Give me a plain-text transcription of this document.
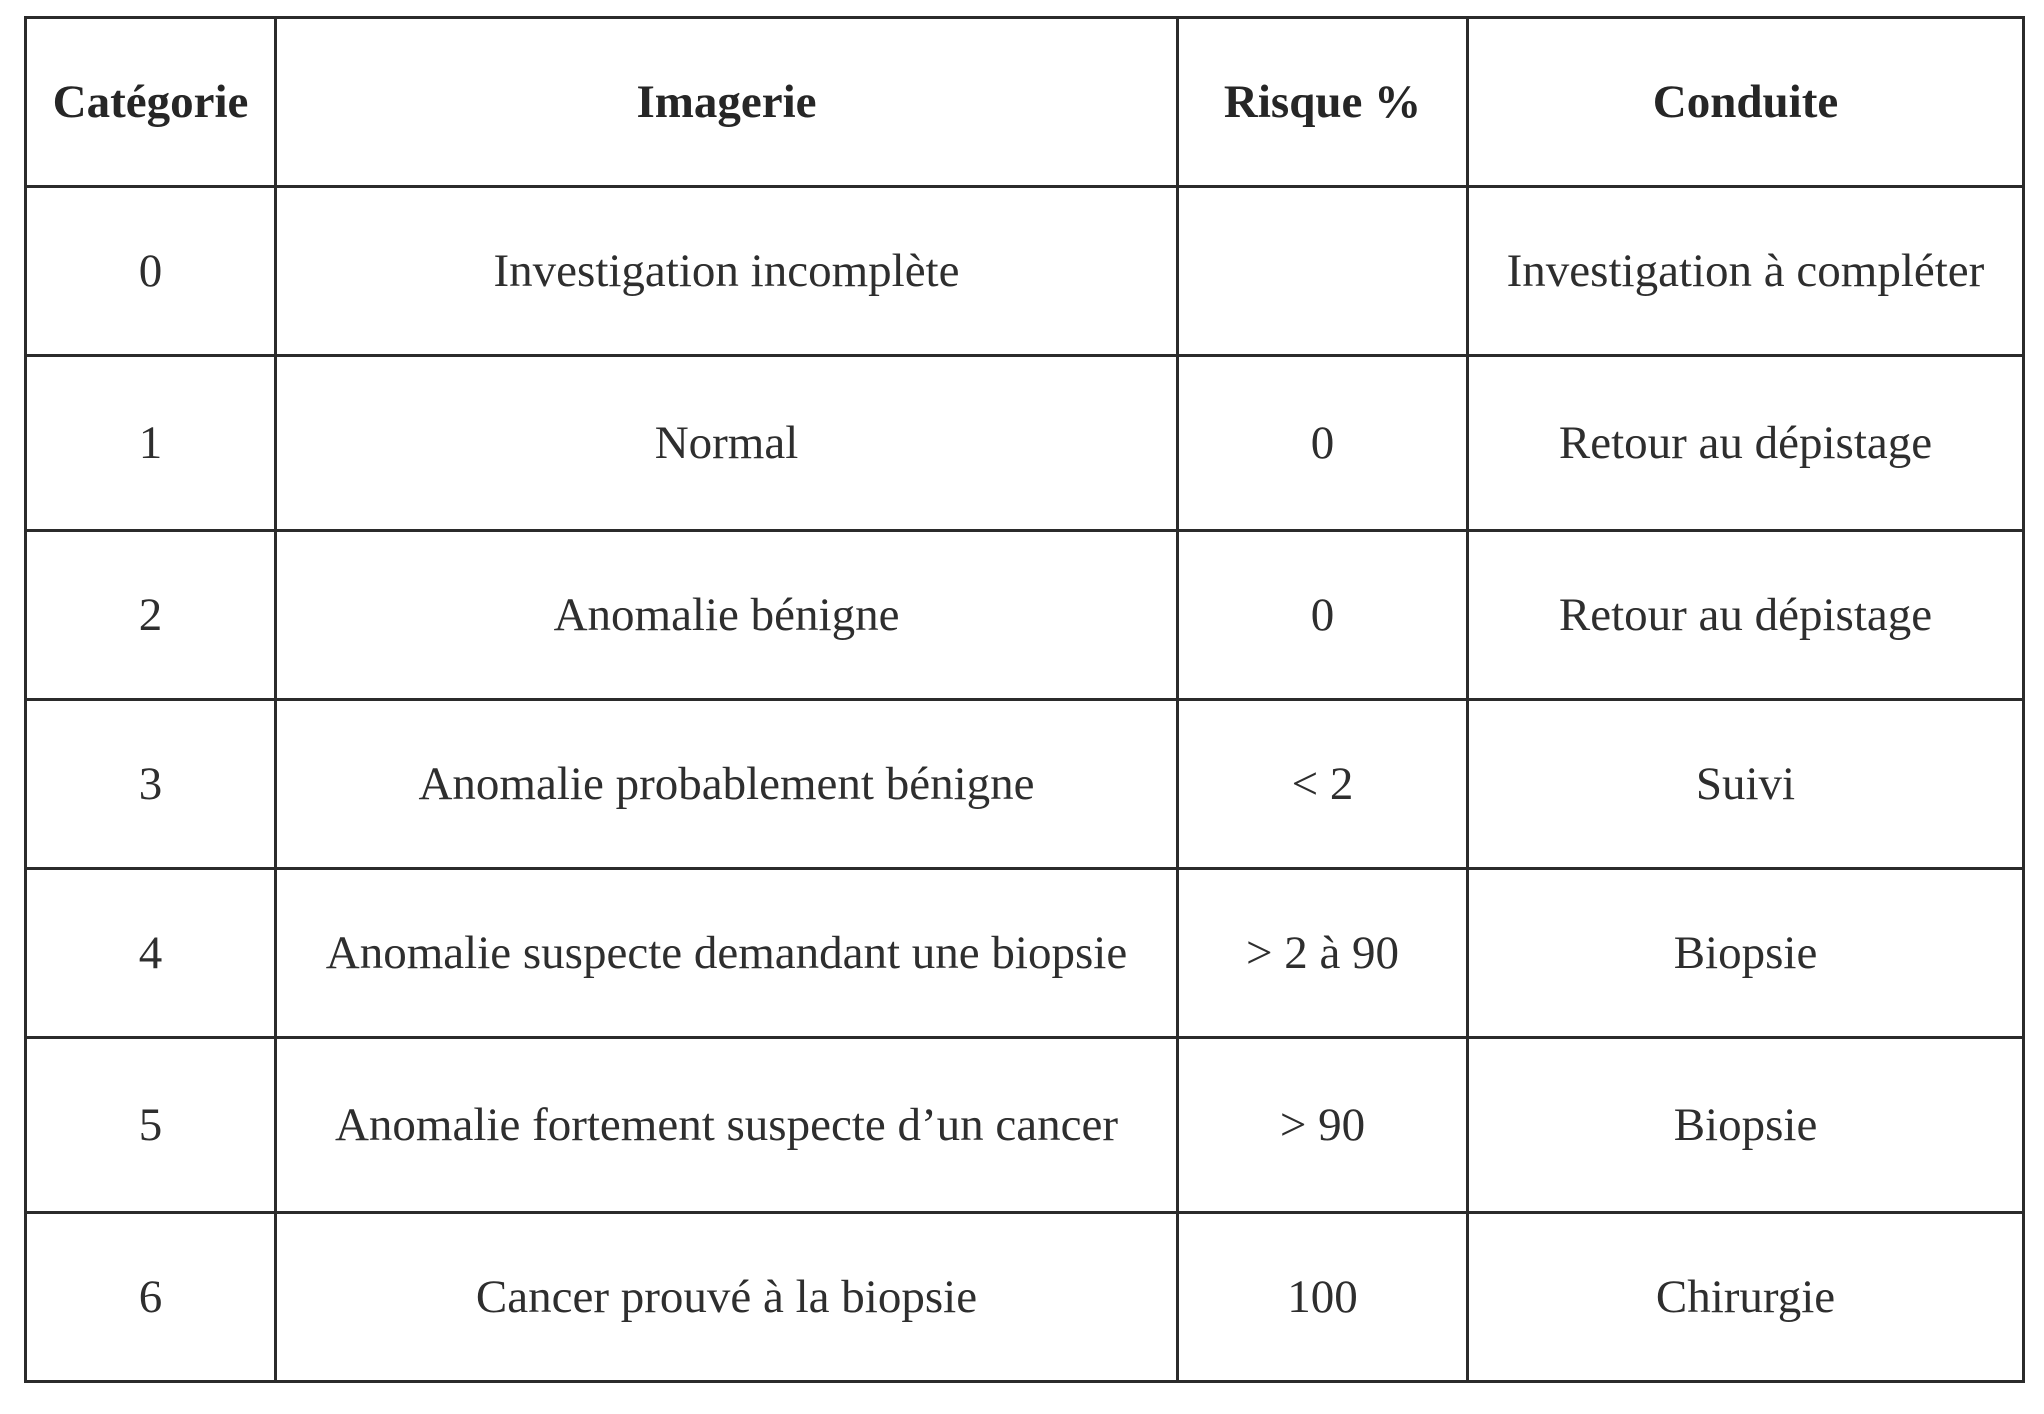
Catégorie	Imagerie	Risque %	Conduite
0	Investigation incomplète		Investigation à compléter
1	Normal	0	Retour au dépistage
2	Anomalie bénigne	0	Retour au dépistage
3	Anomalie probablement bénigne	< 2	Suivi
4	Anomalie suspecte demandant une biopsie	> 2 à 90	Biopsie
5	Anomalie fortement suspecte d’un cancer	> 90	Biopsie
6	Cancer prouvé à la biopsie	100	Chirurgie
